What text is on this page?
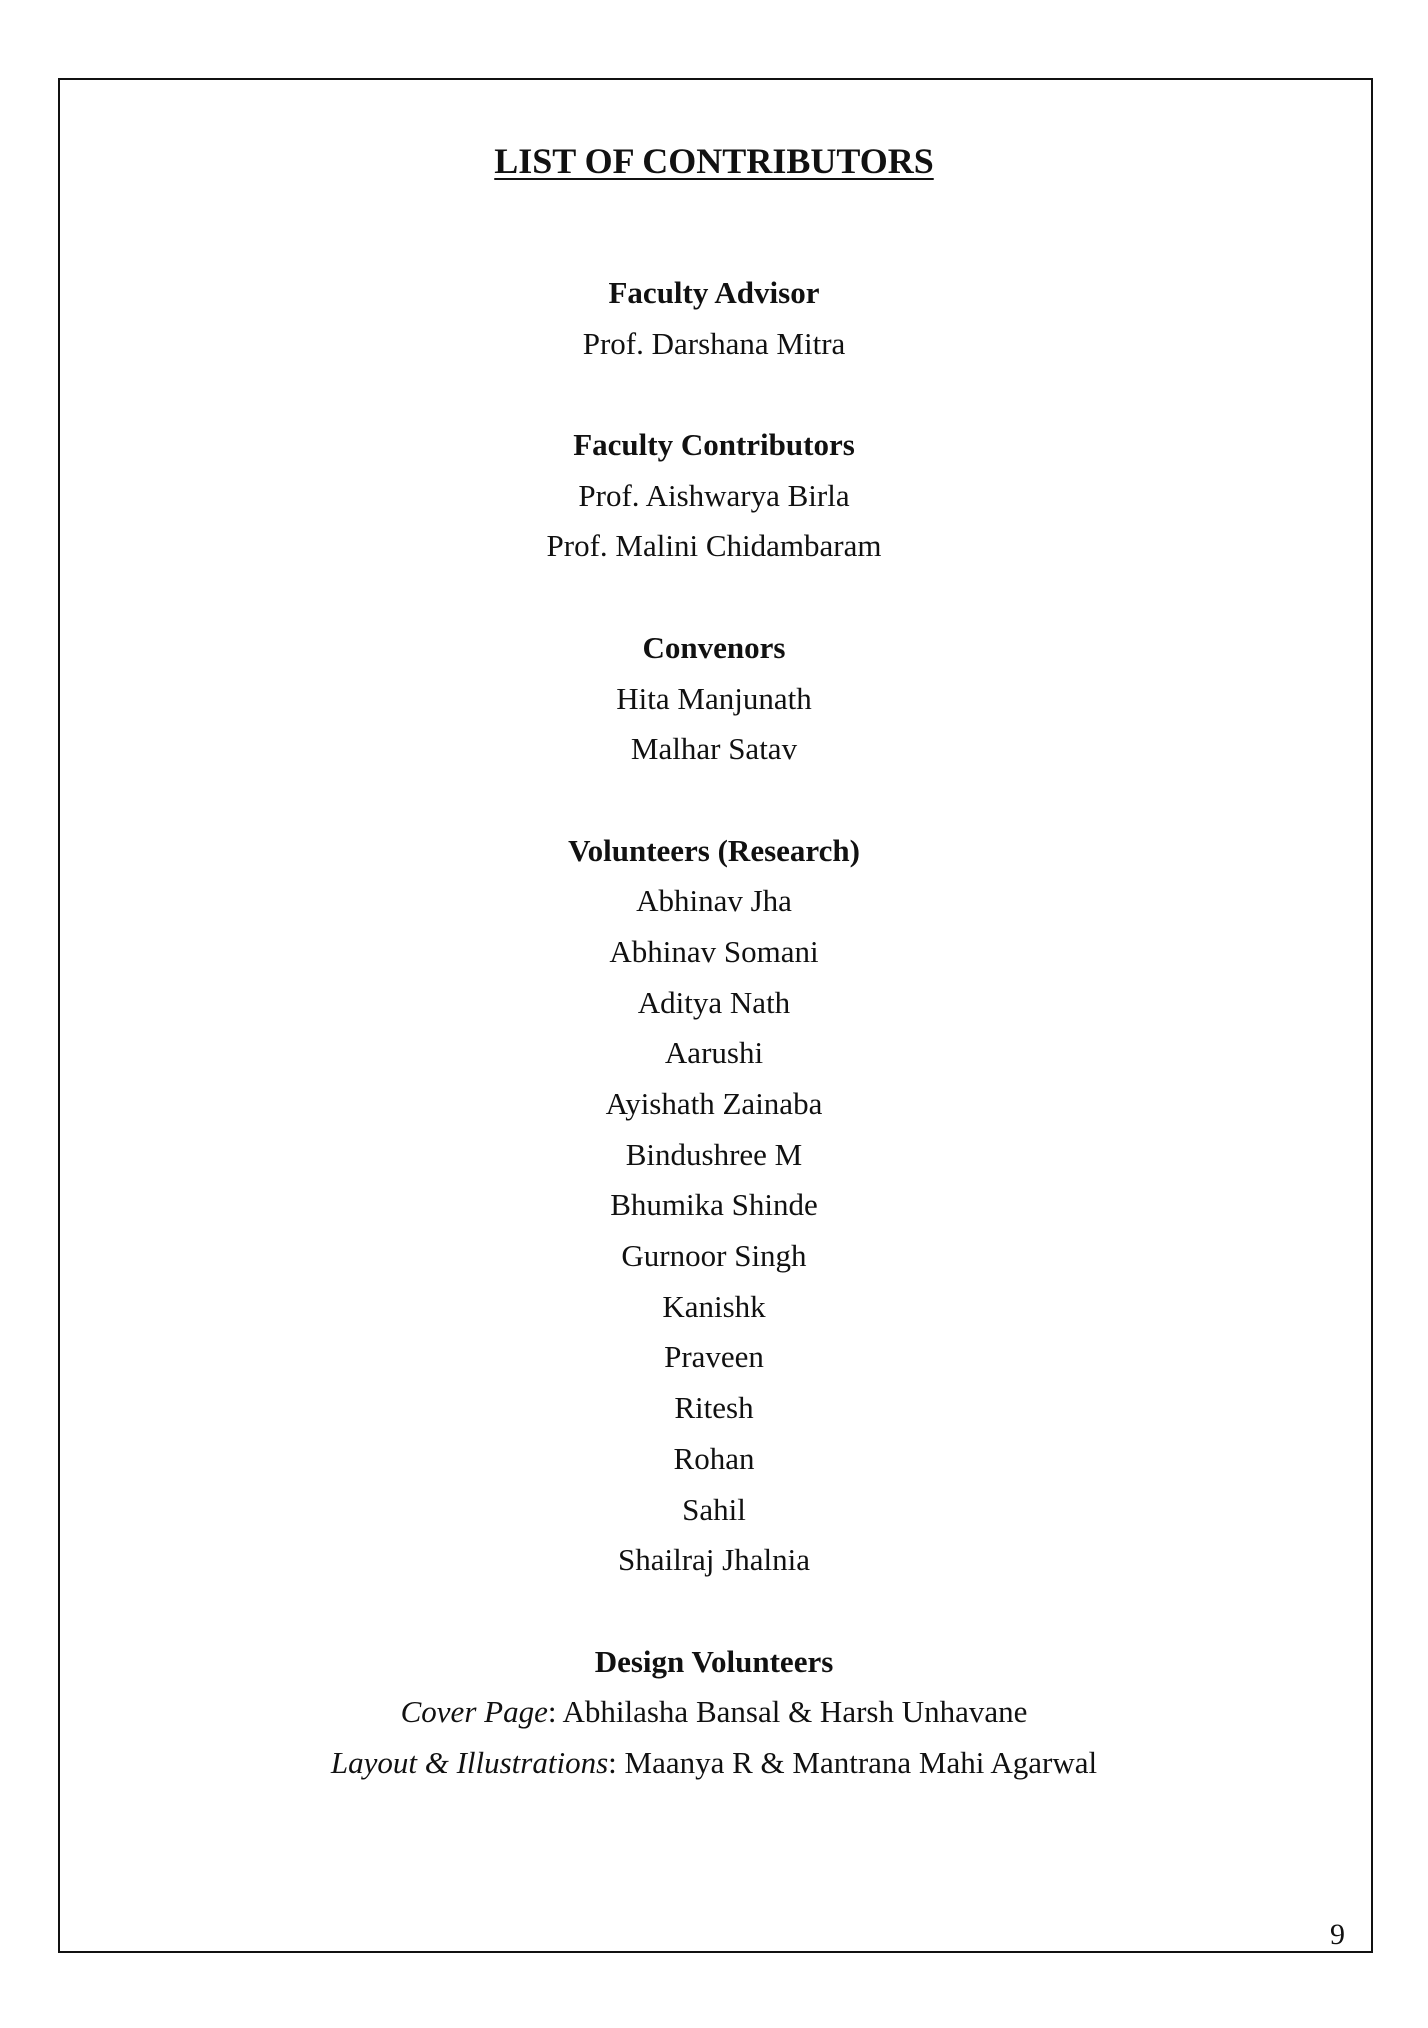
LIST OF CONTRIBUTORS
Faculty Advisor
Prof. Darshana Mitra
Faculty Contributors
Prof. Aishwarya Birla
Prof. Malini Chidambaram
Convenors
Hita Manjunath
Malhar Satav
Volunteers (Research)
Abhinav Jha
Abhinav Somani
Aditya Nath
Aarushi
Ayishath Zainaba
Bindushree M
Bhumika Shinde
Gurnoor Singh
Kanishk
Praveen
Ritesh
Rohan
Sahil
Shailraj Jhalnia
Design Volunteers
Cover Page: Abhilasha Bansal & Harsh Unhavane
Layout & Illustrations: Maanya R & Mantrana Mahi Agarwal
9
